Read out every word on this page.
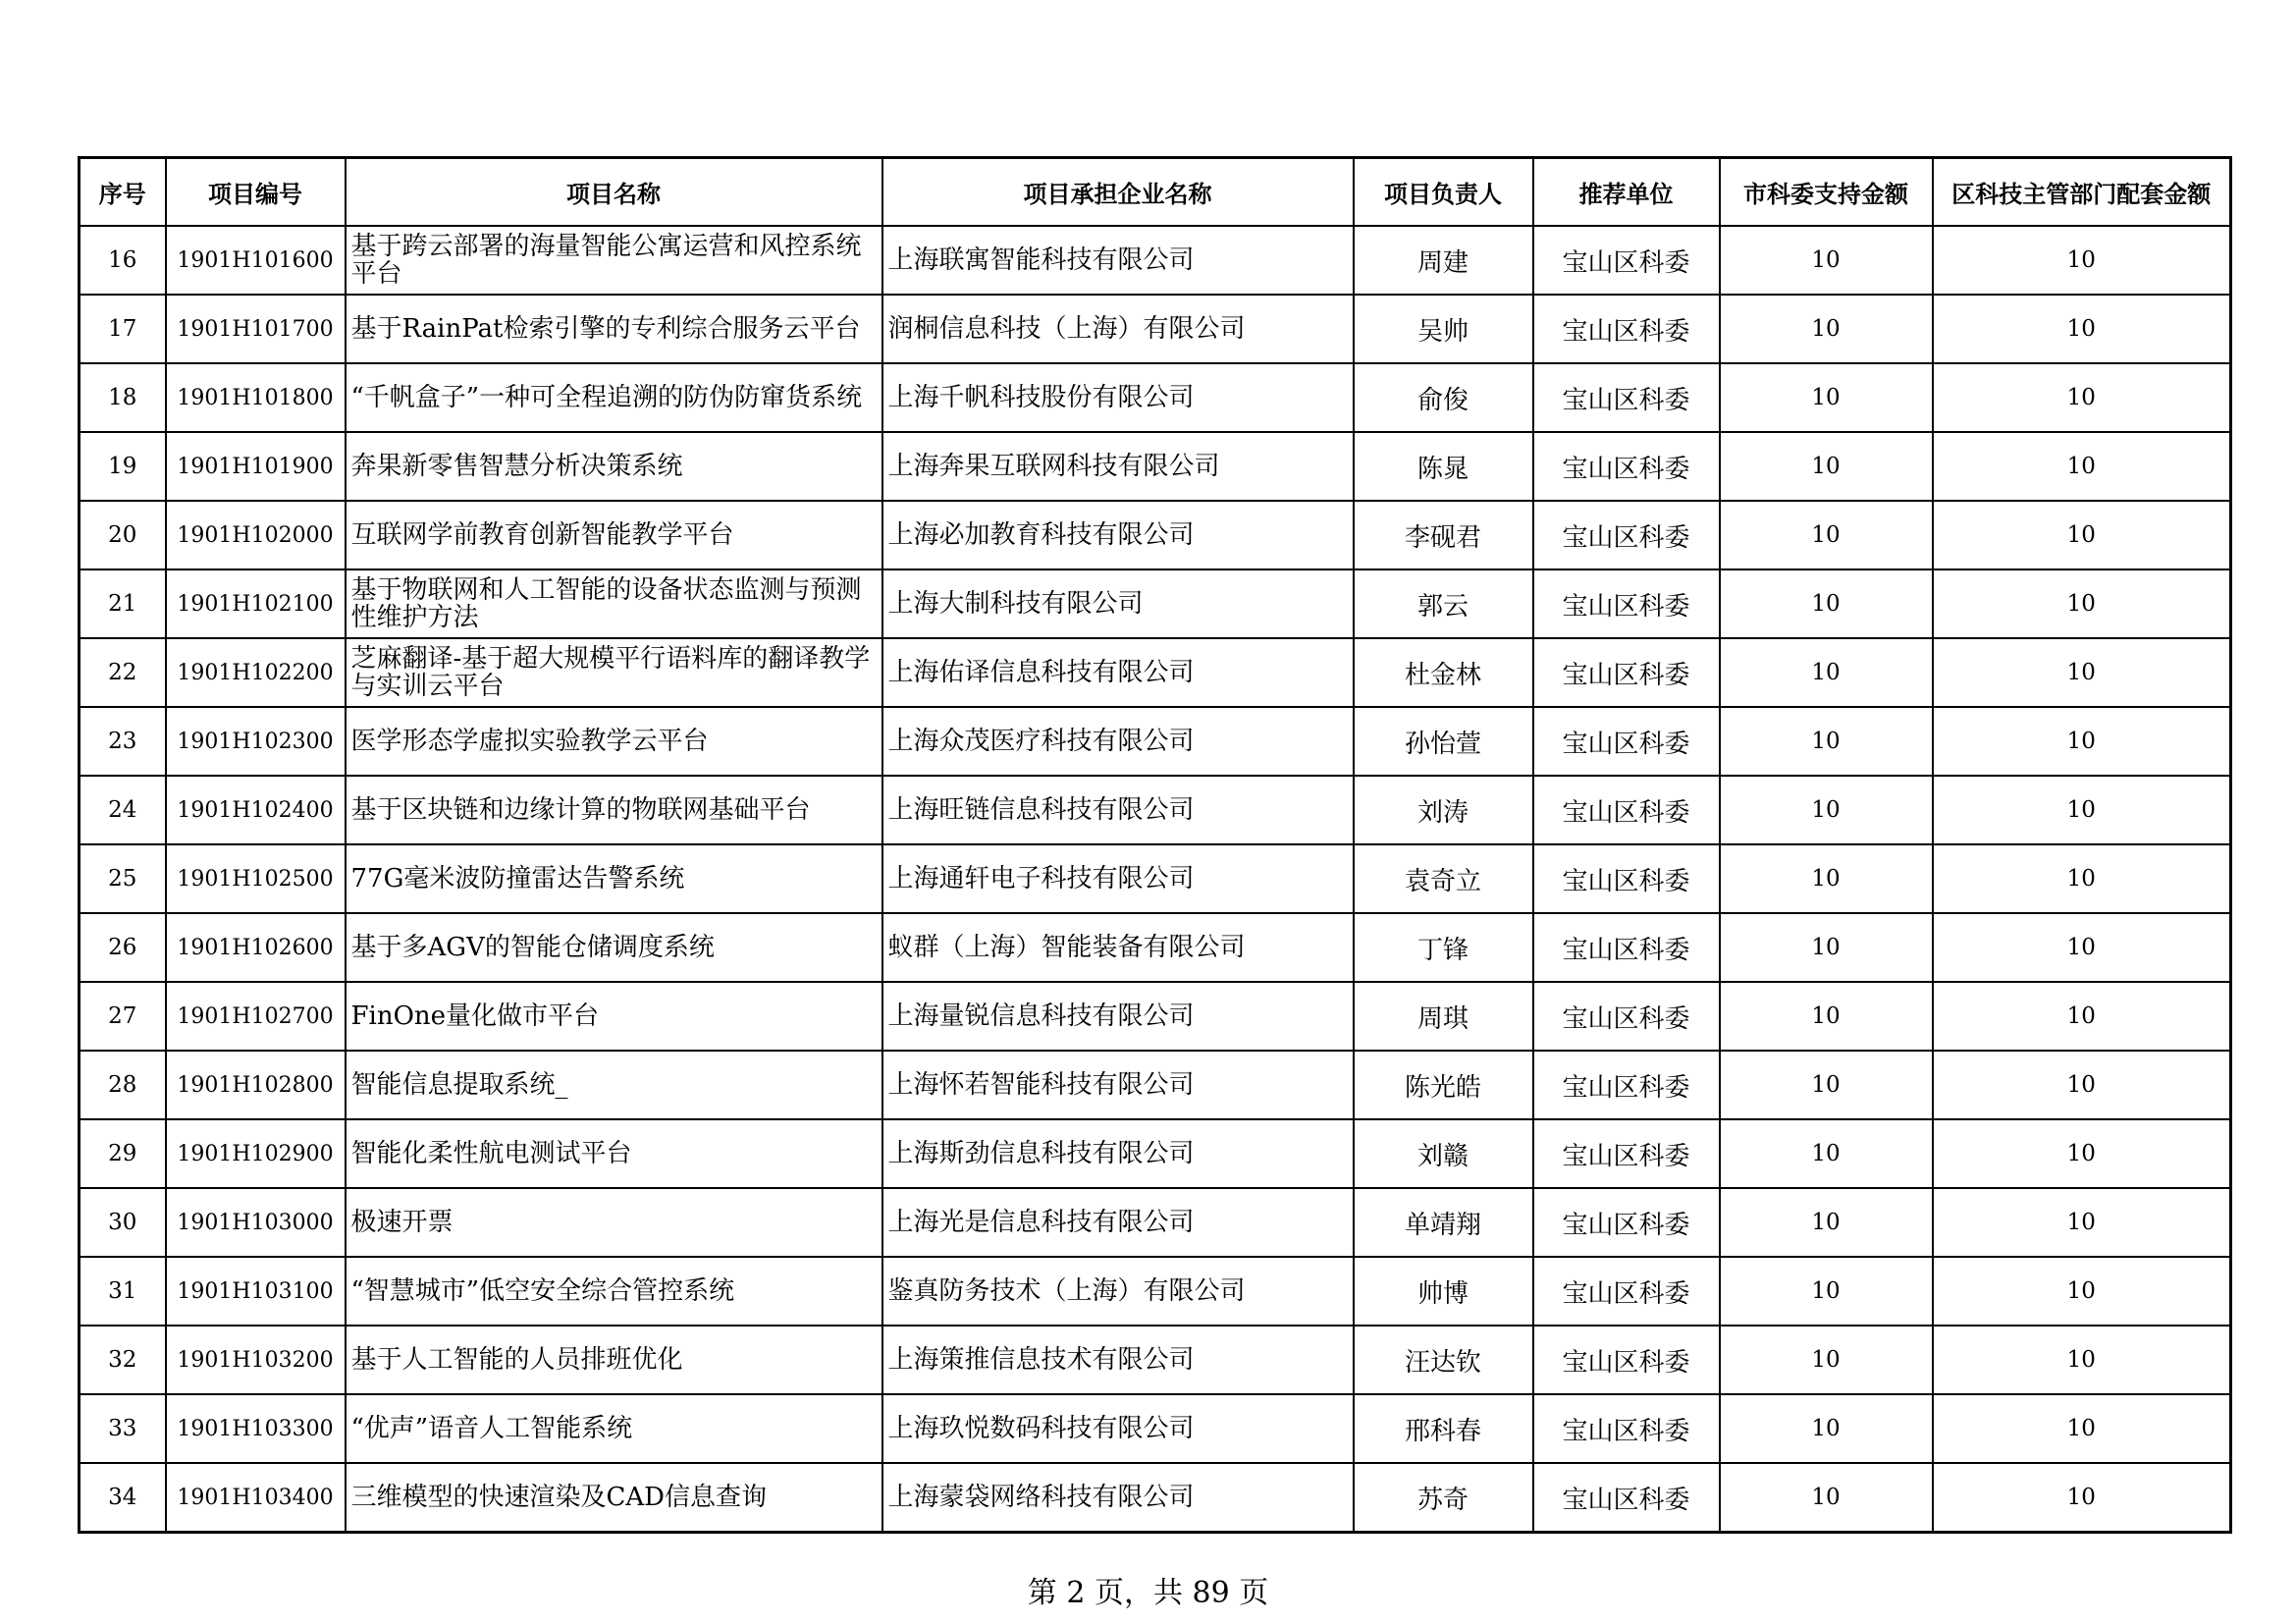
序号	项目编号	项目名称	项目承担企业名称	项目负责人	推荐单位	市科委支持金额	区科技主管部门配套金额
16	1901H101600	基于跨云部署的海量智能公寓运营和风控系统平台	上海联寓智能科技有限公司	周建	宝山区科委	10	10
17	1901H101700	基于RainPat检索引擎的专利综合服务云平台	润桐信息科技（上海）有限公司	吴帅	宝山区科委	10	10
18	1901H101800	“千帆盒子”一种可全程追溯的防伪防窜货系统	上海千帆科技股份有限公司	俞俊	宝山区科委	10	10
19	1901H101900	奔果新零售智慧分析决策系统	上海奔果互联网科技有限公司	陈晁	宝山区科委	10	10
20	1901H102000	互联网学前教育创新智能教学平台	上海必加教育科技有限公司	李砚君	宝山区科委	10	10
21	1901H102100	基于物联网和人工智能的设备状态监测与预测性维护方法	上海大制科技有限公司	郭云	宝山区科委	10	10
22	1901H102200	芝麻翻译-基于超大规模平行语料库的翻译教学与实训云平台	上海佑译信息科技有限公司	杜金林	宝山区科委	10	10
23	1901H102300	医学形态学虚拟实验教学云平台	上海众茂医疗科技有限公司	孙怡萱	宝山区科委	10	10
24	1901H102400	基于区块链和边缘计算的物联网基础平台	上海旺链信息科技有限公司	刘涛	宝山区科委	10	10
25	1901H102500	77G毫米波防撞雷达告警系统	上海通轩电子科技有限公司	袁奇立	宝山区科委	10	10
26	1901H102600	基于多AGV的智能仓储调度系统	蚁群（上海）智能装备有限公司	丁锋	宝山区科委	10	10
27	1901H102700	FinOne量化做市平台	上海量锐信息科技有限公司	周琪	宝山区科委	10	10
28	1901H102800	智能信息提取系统_	上海怀若智能科技有限公司	陈光皓	宝山区科委	10	10
29	1901H102900	智能化柔性航电测试平台	上海斯劲信息科技有限公司	刘赣	宝山区科委	10	10
30	1901H103000	极速开票	上海光是信息科技有限公司	单靖翔	宝山区科委	10	10
31	1901H103100	“智慧城市”低空安全综合管控系统	鉴真防务技术（上海）有限公司	帅博	宝山区科委	10	10
32	1901H103200	基于人工智能的人员排班优化	上海策推信息技术有限公司	汪达钦	宝山区科委	10	10
33	1901H103300	“优声”语音人工智能系统	上海玖悦数码科技有限公司	邢科春	宝山区科委	10	10
34	1901H103400	三维模型的快速渲染及CAD信息查询	上海蒙袋网络科技有限公司	苏奇	宝山区科委	10	10
第 2 页，共 89 页
